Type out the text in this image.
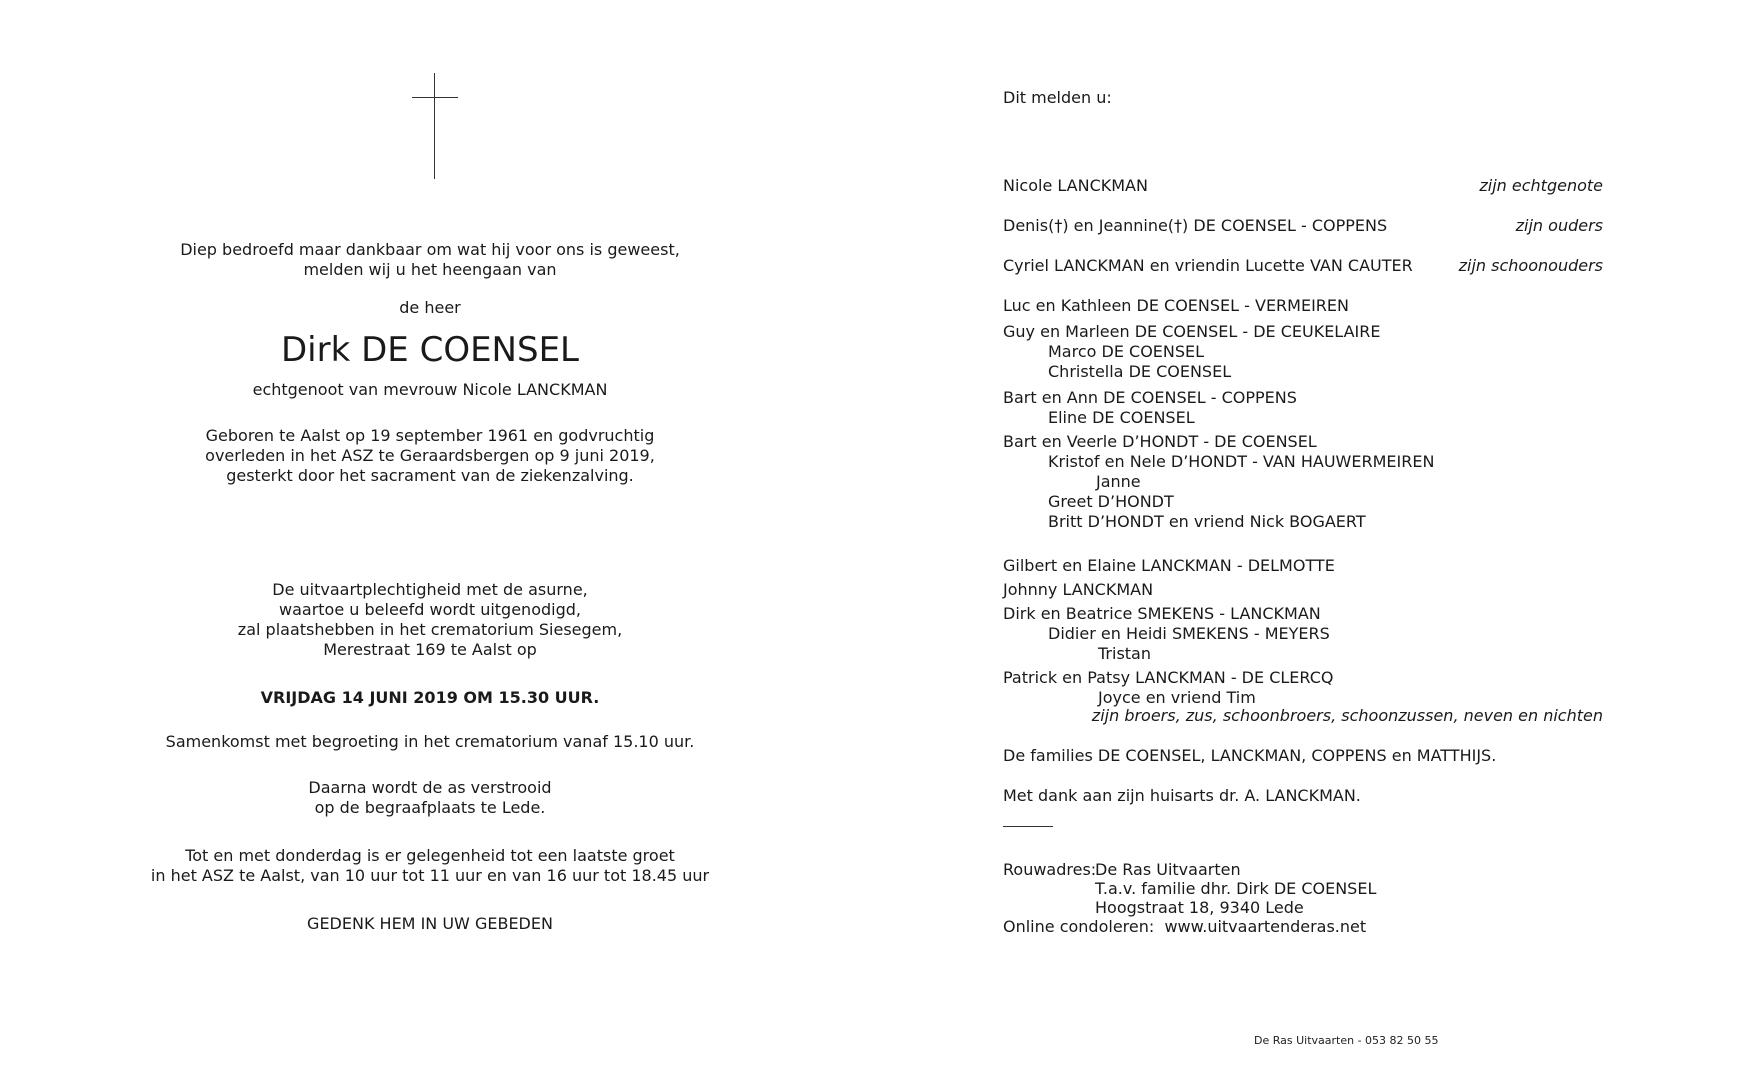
Diep bedroefd maar dankbaar om wat hij voor ons is geweest,
melden wij u het heengaan van
de heer
Dirk DE COENSEL
echtgenoot van mevrouw Nicole LANCKMAN
Geboren te Aalst op 19 september 1961 en godvruchtig
overleden in het ASZ te Geraardsbergen op 9 juni 2019,
gesterkt door het sacrament van de ziekenzalving.
De uitvaartplechtigheid met de asurne,
waartoe u beleefd wordt uitgenodigd,
zal plaatshebben in het crematorium Siesegem,
Merestraat 169 te Aalst op
VRIJDAG 14 JUNI 2019 OM 15.30 UUR.
Samenkomst met begroeting in het crematorium vanaf 15.10 uur.
Daarna wordt de as verstrooid
op de begraafplaats te Lede.
Tot en met donderdag is er gelegenheid tot een laatste groet
in het ASZ te Aalst, van 10 uur tot 11 uur en van 16 uur tot 18.45 uur
GEDENK HEM IN UW GEBEDEN
Dit melden u:
Nicole LANCKMAN	zijn echtgenote
Denis(†) en Jeannine(†) DE COENSEL - COPPENS	zijn ouders
Cyriel LANCKMAN en vriendin Lucette VAN CAUTER	zijn schoonouders
Luc en Kathleen DE COENSEL - VERMEIREN
Guy en Marleen DE COENSEL - DE CEUKELAIRE
Marco DE COENSEL
Christella DE COENSEL
Bart en Ann DE COENSEL - COPPENS
Eline DE COENSEL
Bart en Veerle D’HONDT - DE COENSEL
Kristof en Nele D’HONDT - VAN HAUWERMEIREN
Janne
Greet D’HONDT
Britt D’HONDT en vriend Nick BOGAERT
Gilbert en Elaine LANCKMAN - DELMOTTE
Johnny LANCKMAN
Dirk en Beatrice SMEKENS - LANCKMAN
Didier en Heidi SMEKENS - MEYERS
Tristan
Patrick en Patsy LANCKMAN - DE CLERCQ
Joyce en vriend Tim
zijn broers, zus, schoonbroers, schoonzussen, neven en nichten
De families DE COENSEL, LANCKMAN, COPPENS en MATTHIJS.
Met dank aan zijn huisarts dr. A. LANCKMAN.
Rouwadres:
De Ras Uitvaarten
T.a.v. familie dhr. Dirk DE COENSEL
Hoogstraat 18, 9340 Lede
Online condoleren: www.uitvaartenderas.net
De Ras Uitvaarten - 053 82 50 55
